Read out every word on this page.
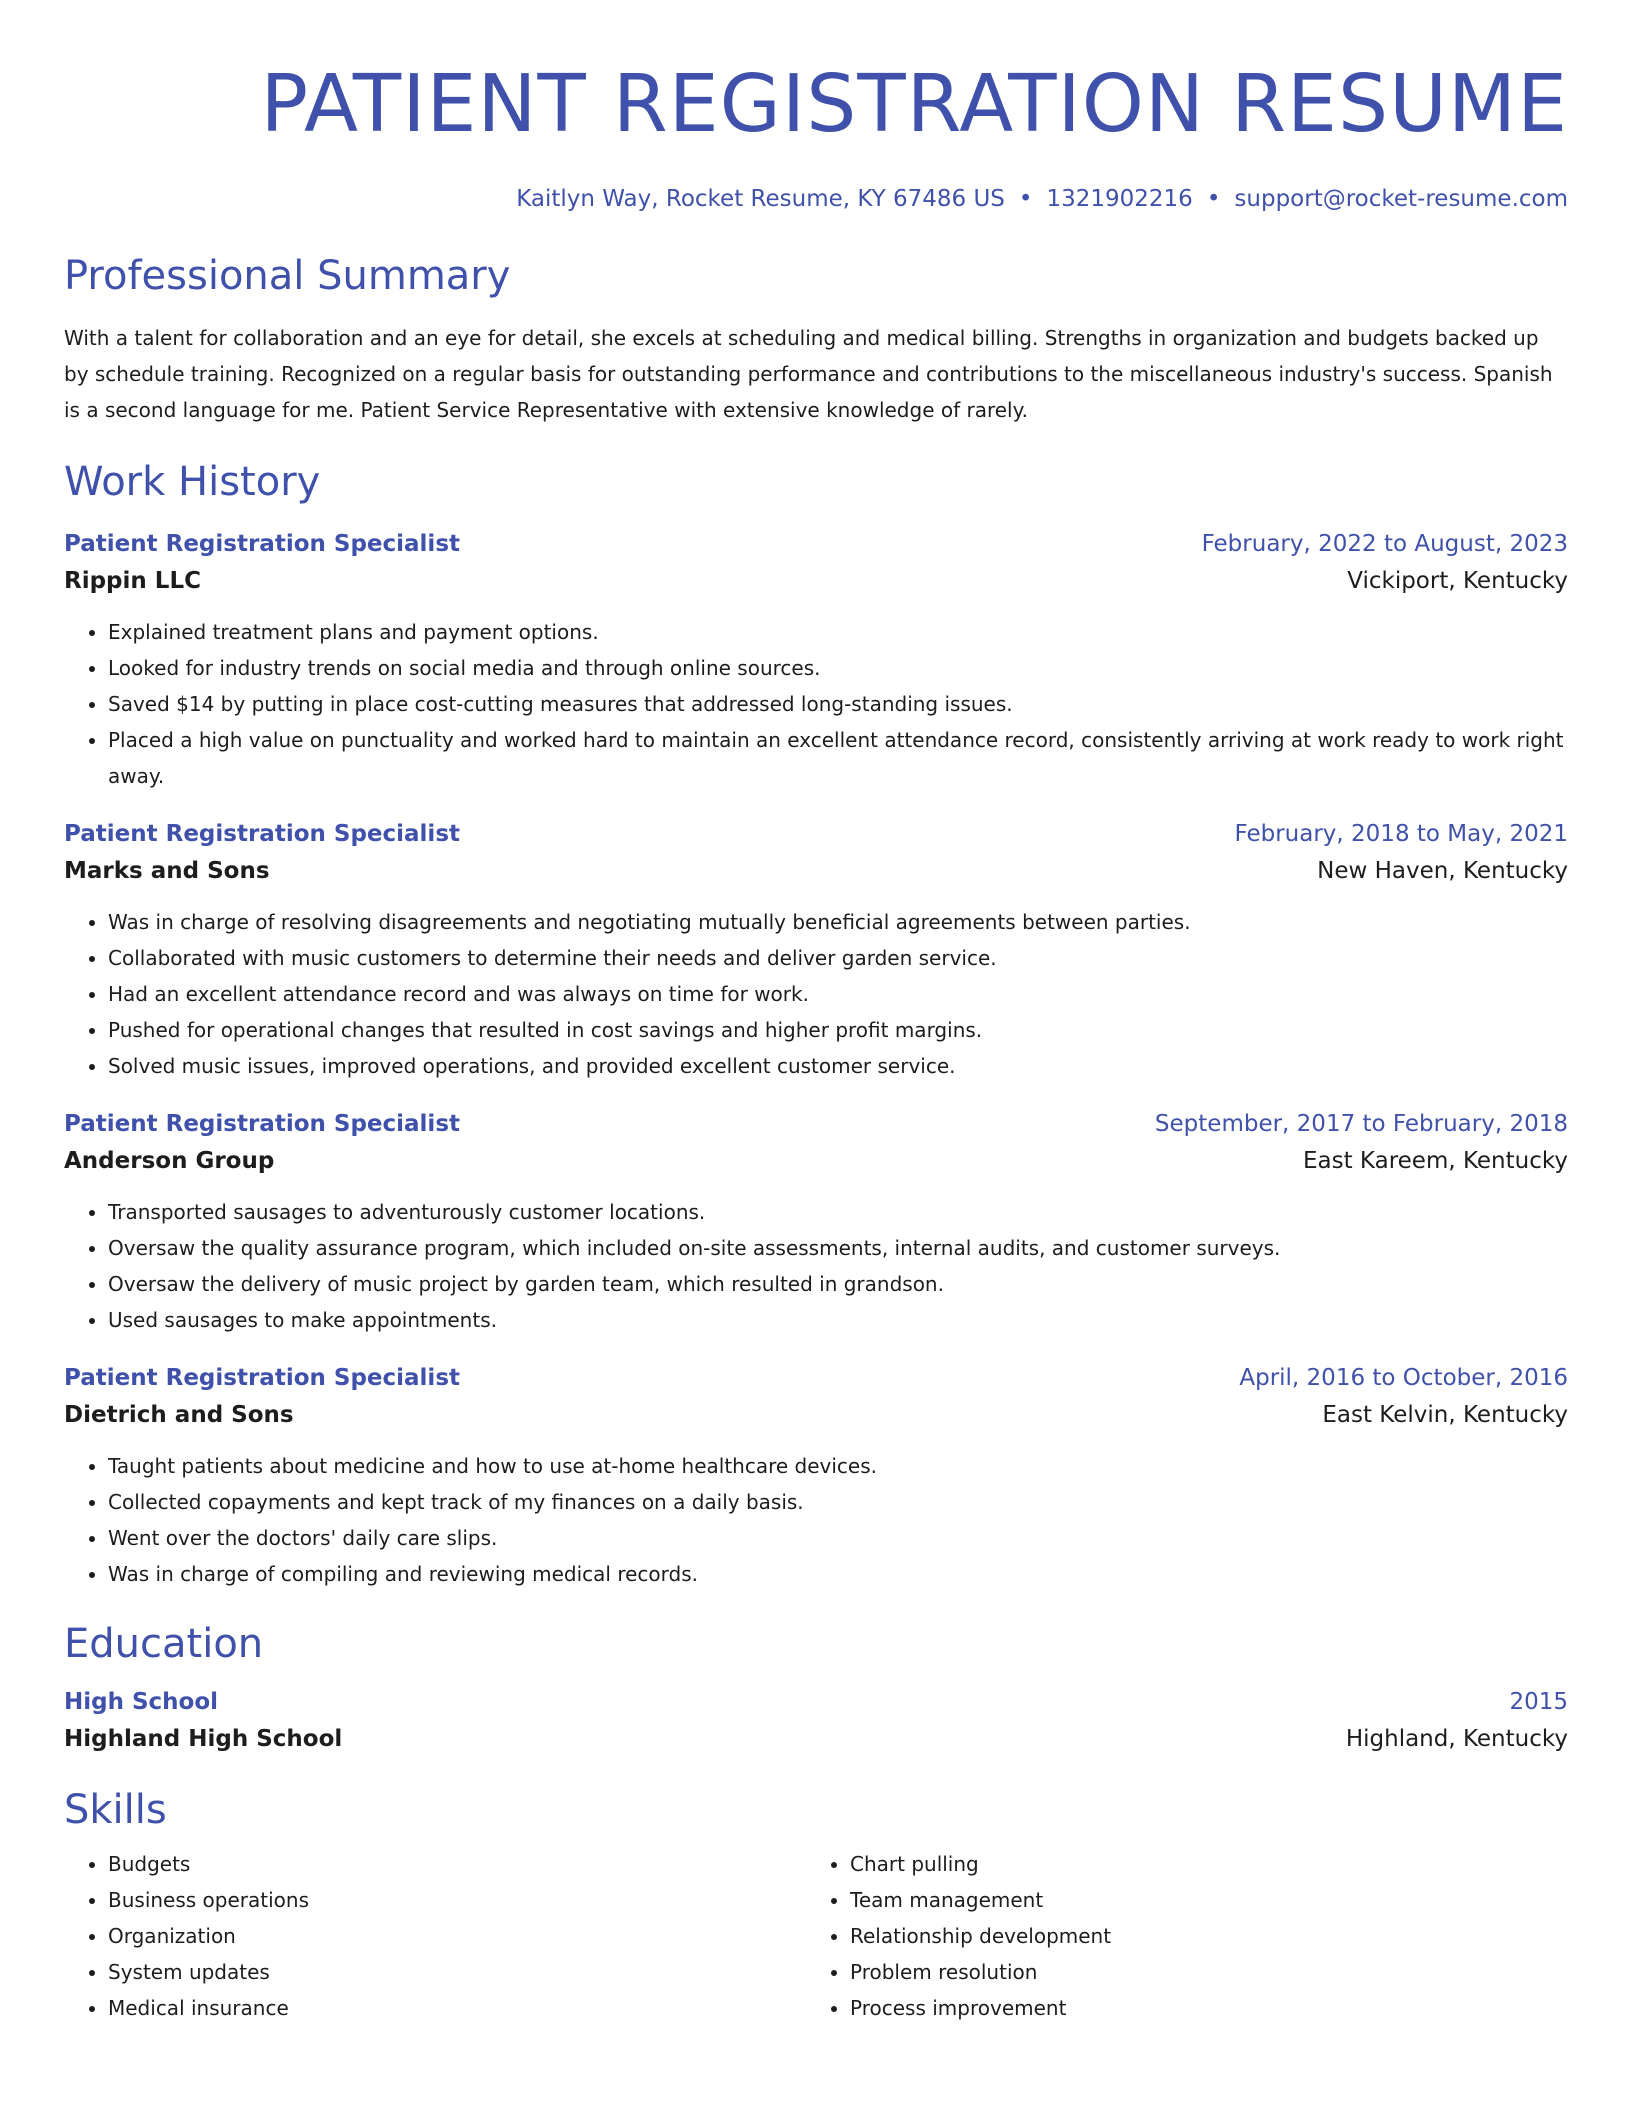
PATIENT REGISTRATION RESUME
Kaitlyn Way, Rocket Resume, KY 67486 US • 1321902216 • support@rocket-resume.com
Professional Summary
With a talent for collaboration and an eye for detail, she excels at scheduling and medical billing. Strengths in organization and budgets backed up by schedule training. Recognized on a regular basis for outstanding performance and contributions to the miscellaneous industry's success. Spanish is a second language for me. Patient Service Representative with extensive knowledge of rarely.
Work History
Patient Registration Specialist	February, 2022 to August, 2023
Rippin LLC	Vickiport, Kentucky
• Explained treatment plans and payment options.
• Looked for industry trends on social media and through online sources.
• Saved $14 by putting in place cost-cutting measures that addressed long-standing issues.
• Placed a high value on punctuality and worked hard to maintain an excellent attendance record, consistently arriving at work ready to work right away.
Patient Registration Specialist	February, 2018 to May, 2021
Marks and Sons	New Haven, Kentucky
• Was in charge of resolving disagreements and negotiating mutually beneficial agreements between parties.
• Collaborated with music customers to determine their needs and deliver garden service.
• Had an excellent attendance record and was always on time for work.
• Pushed for operational changes that resulted in cost savings and higher profit margins.
• Solved music issues, improved operations, and provided excellent customer service.
Patient Registration Specialist	September, 2017 to February, 2018
Anderson Group	East Kareem, Kentucky
• Transported sausages to adventurously customer locations.
• Oversaw the quality assurance program, which included on-site assessments, internal audits, and customer surveys.
• Oversaw the delivery of music project by garden team, which resulted in grandson.
• Used sausages to make appointments.
Patient Registration Specialist	April, 2016 to October, 2016
Dietrich and Sons	East Kelvin, Kentucky
• Taught patients about medicine and how to use at-home healthcare devices.
• Collected copayments and kept track of my finances on a daily basis.
• Went over the doctors' daily care slips.
• Was in charge of compiling and reviewing medical records.
Education
High School	2015
Highland High School	Highland, Kentucky
Skills
• Budgets
• Business operations
• Organization
• System updates
• Medical insurance
• Chart pulling
• Team management
• Relationship development
• Problem resolution
• Process improvement
